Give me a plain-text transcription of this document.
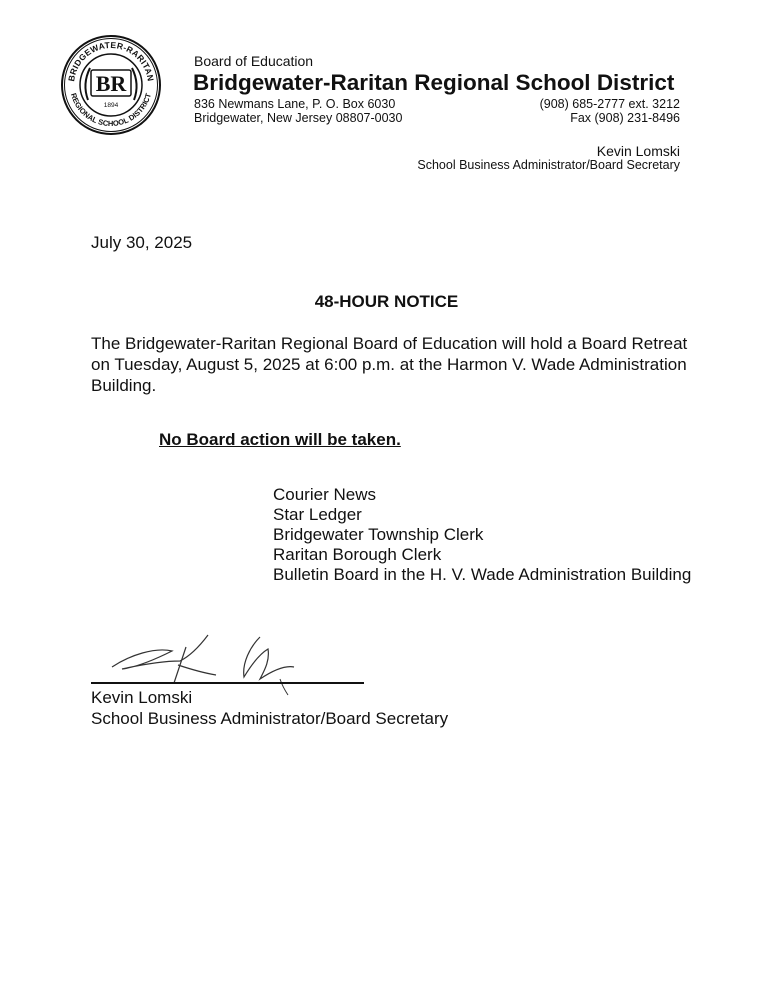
BRIDGEWATER-RARITAN
REGIONAL SCHOOL DISTRICT
BR
1894
Board of Education
Bridgewater-Raritan Regional School District
836 Newmans Lane, P. O. Box 6030
Bridgewater, New Jersey 08807-0030
(908) 685-2777 ext. 3212
Fax (908) 231-8496
Kevin Lomski
School Business Administrator/Board Secretary
July 30, 2025
48-HOUR NOTICE
The Bridgewater-Raritan Regional Board of Education will hold a Board Retreat on Tuesday, August 5, 2025 at 6:00 p.m. at the Harmon V. Wade Administration Building.
No Board action will be taken.
Courier News
Star Ledger
Bridgewater Township Clerk
Raritan Borough Clerk
Bulletin Board in the H. V. Wade Administration Building
Kevin Lomski
School Business Administrator/Board Secretary
